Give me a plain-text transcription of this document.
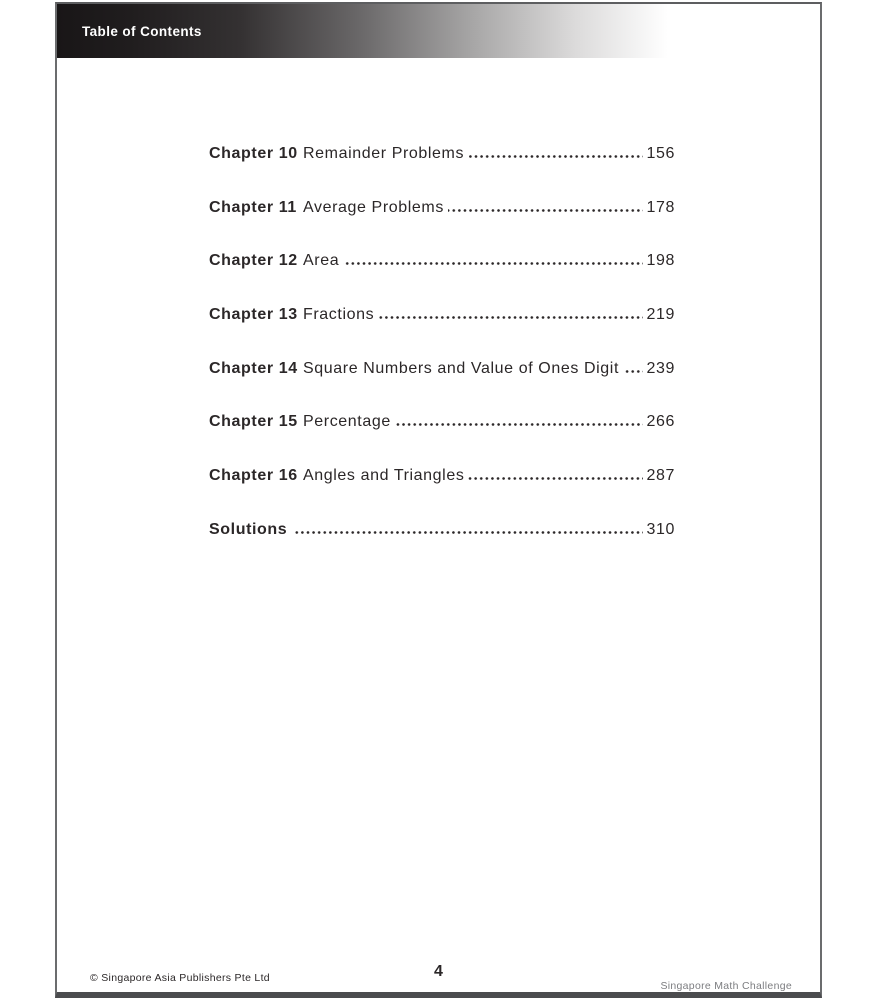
Table of Contents
Chapter 10 Remainder Problems	156
Chapter 11 Average Problems	178
Chapter 12 Area	198
Chapter 13 Fractions	219
Chapter 14 Square Numbers and Value of Ones Digit 239
Chapter 15 Percentage	266
Chapter 16 Angles and Triangles	287
Solutions	310
© Singapore Asia Publishers Pte Ltd	4
Singapore Math Challenge
